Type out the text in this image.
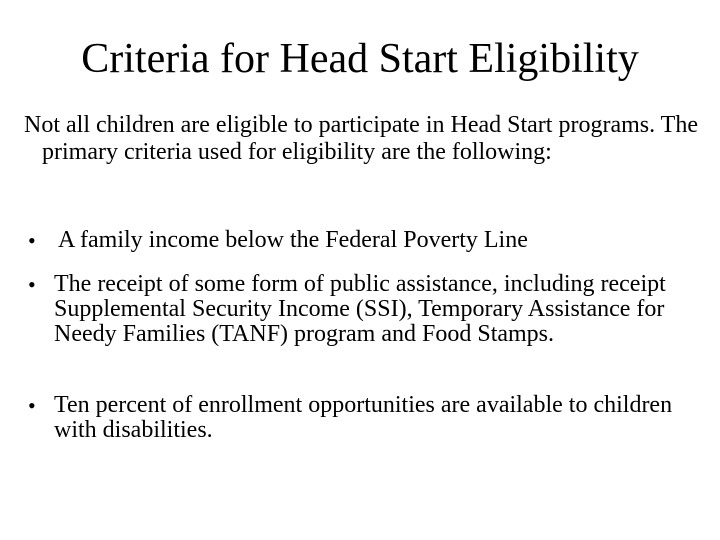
Criteria for Head Start Eligibility
Not all children are eligible to participate in Head Start programs. The primary criteria used for eligibility are the following:
• A family income below the Federal Poverty Line
• The receipt of some form of public assistance, including receipt Supplemental Security Income (SSI), Temporary Assistance for Needy Families (TANF) program and Food Stamps.
• Ten percent of enrollment opportunities are available to children with disabilities.
